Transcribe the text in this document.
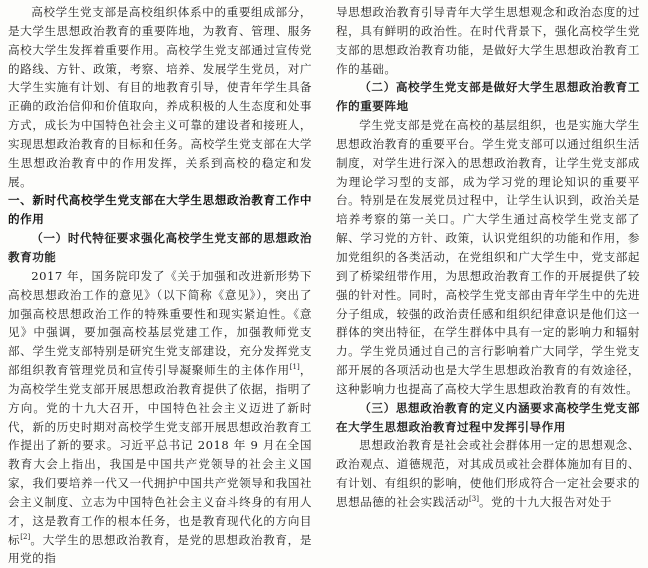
高校学生党支部是高校组织体系中的重要组成部分，是大学生思想政治教育的重要阵地，为教育、管理、服务高校大学生发挥着重要作用。高校学生党支部通过宣传党的路线、方针、政策，考察、培养、发展学生党员，对广大学生实施有计划、有目的地教育引导，使青年学生具备正确的政治信仰和价值取向，养成积极的人生态度和处事方式，成长为中国特色社会主义可靠的建设者和接班人，实现思想政治教育的目标和任务。高校学生党支部在大学生思想政治教育中的作用发挥，关系到高校的稳定和发展。

一、新时代高校学生党支部在大学生思想政治教育工作中的作用

（一）时代特征要求强化高校学生党支部的思想政治教育功能

2017 年，国务院印发了《关于加强和改进新形势下高校思想政治工作的意见》（以下简称《意见》），突出了加强高校思想政治工作的特殊重要性和现实紧迫性。《意见》中强调，要加强高校基层党建工作，加强教师党支部、学生党支部特别是研究生党支部建设，充分发挥党支部组织教育管理党员和宣传引导凝聚师生的主体作用[1]，为高校学生党支部开展思想政治教育提供了依据，指明了方向。党的十九大召开，中国特色社会主义迈进了新时代，新的历史时期对高校学生党支部开展思想政治教育工作提出了新的要求。习近平总书记 2018 年 9 月在全国教育大会上指出，我国是中国共产党领导的社会主义国家，我们要培养一代又一代拥护中国共产党领导和我国社会主义制度、立志为中国特色社会主义奋斗终身的有用人才，这是教育工作的根本任务，也是教育现代化的方向目标[2]。大学生的思想政治教育，是党的思想政治教育，是用党的指

导思想政治教育引导青年大学生思想观念和政治态度的过程，具有鲜明的政治性。在时代背景下，强化高校学生党支部的思想政治教育功能，是做好大学生思想政治教育工作的基础。

（二）高校学生党支部是做好大学生思想政治教育工作的重要阵地

学生党支部是党在高校的基层组织，也是实施大学生思想政治教育的重要平台。学生党支部可以通过组织生活制度，对学生进行深入的思想政治教育，让学生党支部成为理论学习型的支部，成为学习党的理论知识的重要平台。特别是在发展党员过程中，让学生认识到，政治关是培养考察的第一关口。广大学生通过高校学生党支部了解、学习党的方针、政策，认识党组织的功能和作用，参加党组织的各类活动，在党组织和广大学生中，党支部起到了桥梁纽带作用，为思想政治教育工作的开展提供了较强的针对性。同时，高校学生党支部由青年学生中的先进分子组成，较强的政治责任感和组织纪律意识是他们这一群体的突出特征，在学生群体中具有一定的影响力和辐射力。学生党员通过自己的言行影响着广大同学，学生党支部开展的各项活动也是大学生思想政治教育的有效途径，这种影响力也提高了高校大学生思想政治教育的有效性。

（三）思想政治教育的定义内涵要求高校学生党支部在大学生思想政治教育过程中发挥引导作用

思想政治教育是社会或社会群体用一定的思想观念、政治观点、道德规范，对其成员或社会群体施加有目的、有计划、有组织的影响，使他们形成符合一定社会要求的思想品德的社会实践活动[3]。党的十九大报告对处于
